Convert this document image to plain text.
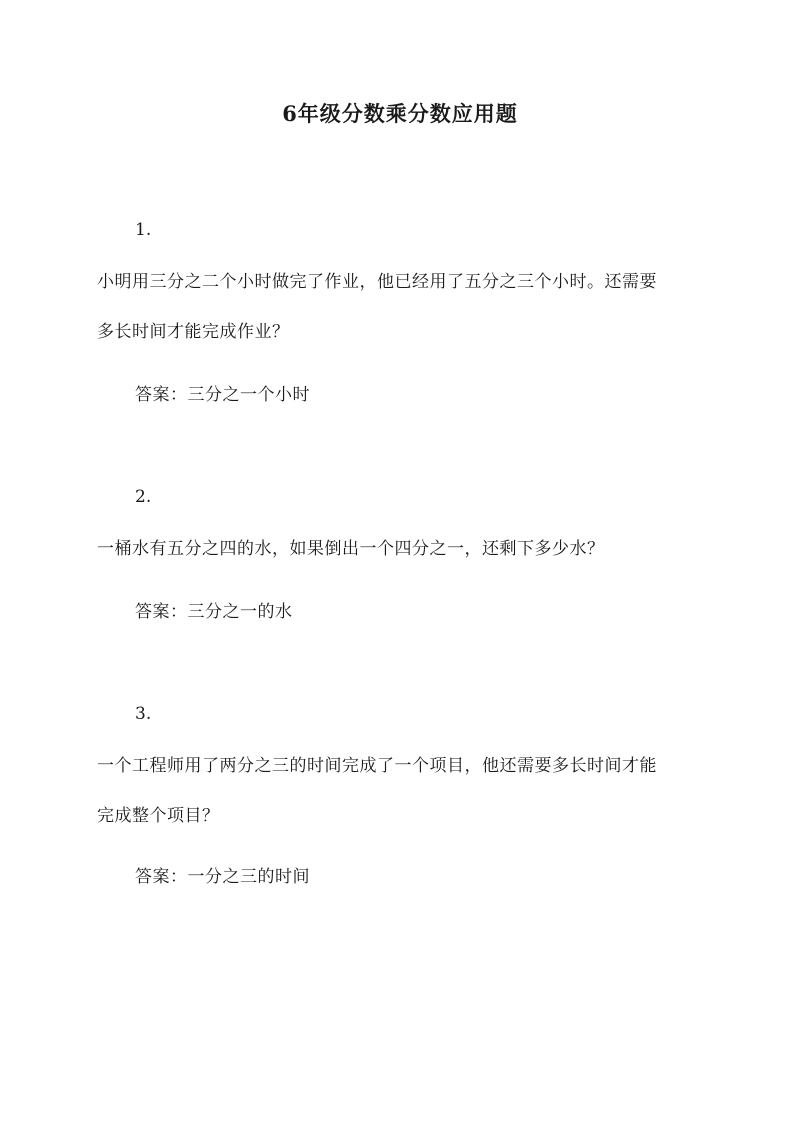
6年级分数乘分数应用题
1.
小明用三分之二个小时做完了作业，他已经用了五分之三个小时。还需要
多长时间才能完成作业？
答案：三分之一个小时
2.
一桶水有五分之四的水，如果倒出一个四分之一，还剩下多少水？
答案：三分之一的水
3.
一个工程师用了两分之三的时间完成了一个项目，他还需要多长时间才能
完成整个项目？
答案：一分之三的时间
